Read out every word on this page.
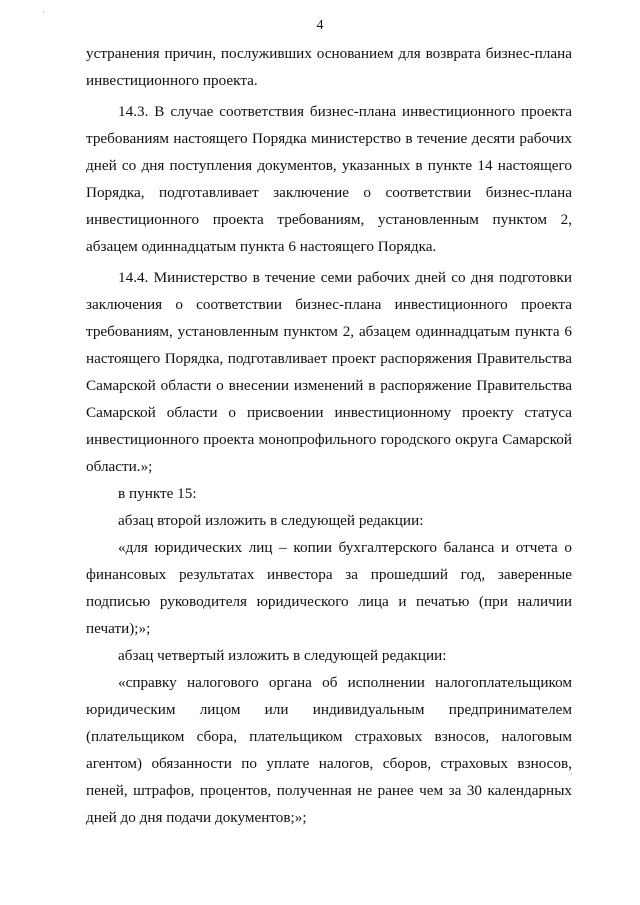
·
4
устранения причин, послуживших основанием для возврата бизнес-плана
инвестиционного проекта.
14.3. В случае соответствия бизнес-плана инвестиционного проекта
требованиям настоящего Порядка министерство в течение десяти рабочих
дней со дня поступления документов, указанных в пункте 14 настоящего
Порядка, подготавливает заключение о соответствии бизнес-плана
инвестиционного проекта требованиям, установленным пунктом 2,
абзацем одиннадцатым пункта 6 настоящего Порядка.
14.4. Министерство в течение семи рабочих дней со дня подготовки
заключения о соответствии бизнес-плана инвестиционного проекта
требованиям, установленным пунктом 2, абзацем одиннадцатым пункта 6
настоящего Порядка, подготавливает проект распоряжения Правительства
Самарской области о внесении изменений в распоряжение Правительства
Самарской области о присвоении инвестиционному проекту статуса
инвестиционного проекта монопрофильного городского округа Самарской
области.»;
в пункте 15:
абзац второй изложить в следующей редакции:
«для юридических лиц – копии бухгалтерского баланса и отчета о
финансовых результатах инвестора за прошедший год, заверенные
подписью руководителя юридического лица и печатью (при наличии
печати);»;
абзац четвертый изложить в следующей редакции:
«справку налогового органа об исполнении налогоплательщиком
юридическим лицом или индивидуальным предпринимателем
(плательщиком сбора, плательщиком страховых взносов, налоговым
агентом) обязанности по уплате налогов, сборов, страховых взносов,
пеней, штрафов, процентов, полученная не ранее чем за 30 календарных
дней до дня подачи документов;»;
·
